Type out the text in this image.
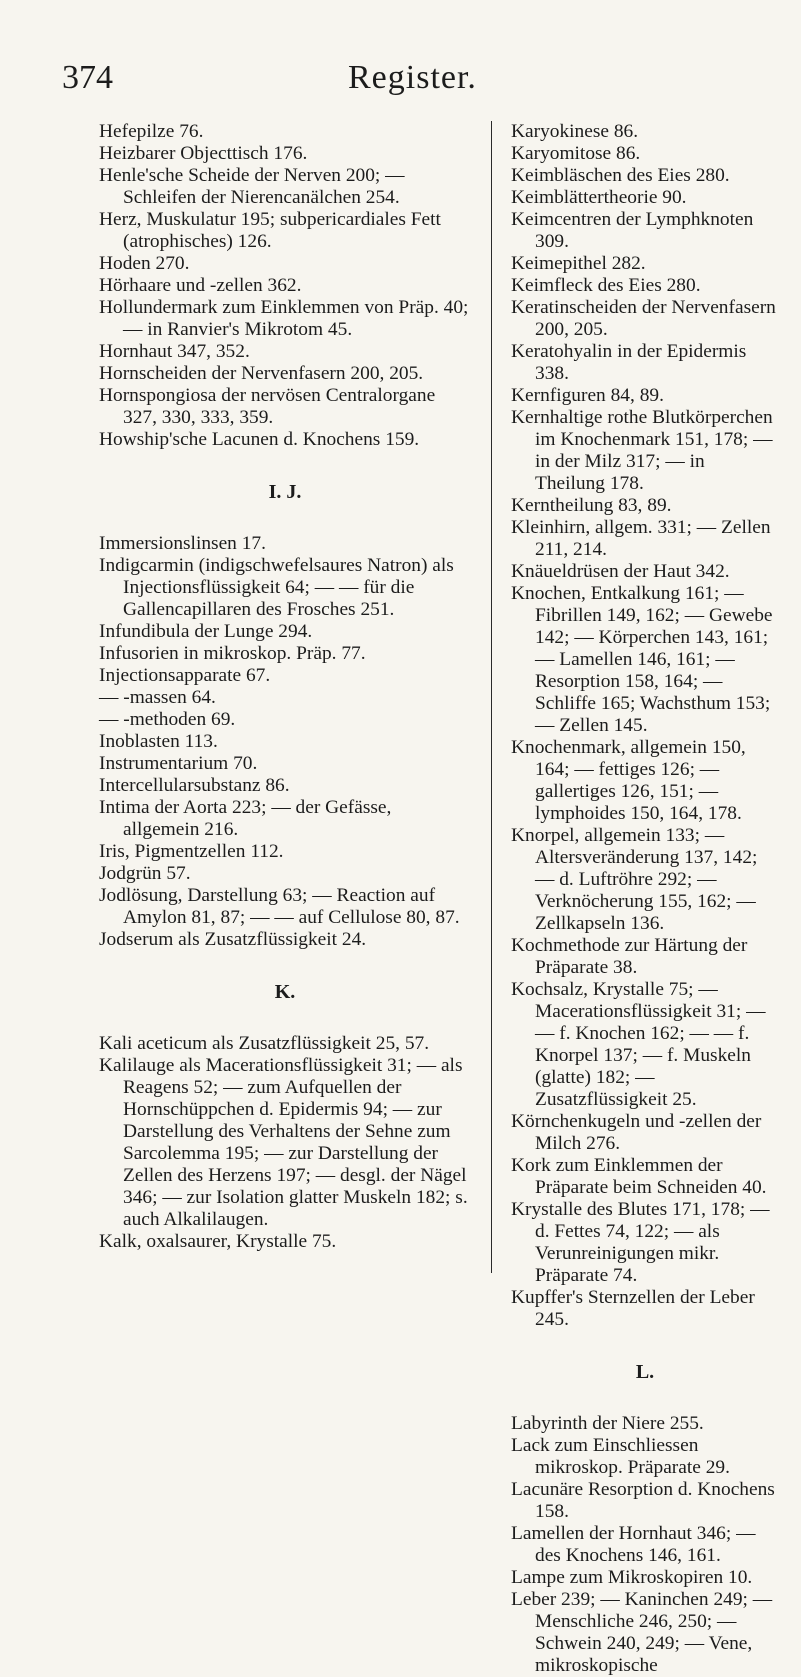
374	Register.

Hefepilze 76.

Heizbarer Objecttisch 176.

Henle'sche Scheide der Nerven 200; — Schleifen der Nierencanälchen 254.

Herz, Muskulatur 195; subpericardiales Fett (atrophisches) 126.

Hoden 270.

Hörhaare und -zellen 362.

Hollundermark zum Einklemmen von Präp. 40; — in Ranvier's Mikrotom 45.

Hornhaut 347, 352.

Hornscheiden der Nervenfasern 200, 205.

Hornspongiosa der nervösen Centralorgane 327, 330, 333, 359.

Howship'sche Lacunen d. Knochens 159.

I. J.

Immersionslinsen 17.

Indigcarmin (indigschwefelsaures Natron) als Injectionsflüssigkeit 64; — — für die Gallencapillaren des Frosches 251.

Infundibula der Lunge 294.

Infusorien in mikroskop. Präp. 77.

Injectionsapparate 67.

— -massen 64.

— -methoden 69.

Inoblasten 113.

Instrumentarium 70.

Intercellularsubstanz 86.

Intima der Aorta 223; — der Gefässe, allgemein 216.

Iris, Pigmentzellen 112.

Jodgrün 57.

Jodlösung, Darstellung 63; — Reaction auf Amylon 81, 87; — — auf Cellulose 80, 87.

Jodserum als Zusatzflüssigkeit 24.

K.

Kali aceticum als Zusatzflüssigkeit 25, 57.

Kalilauge als Macerationsflüssigkeit 31; — als Reagens 52; — zum Aufquellen der Hornschüppchen d. Epidermis 94; — zur Darstellung des Verhaltens der Sehne zum Sarcolemma 195; — zur Darstellung der Zellen des Herzens 197; — desgl. der Nägel 346; — zur Isolation glatter Muskeln 182; s. auch Alkalilaugen.

Kalk, oxalsaurer, Krystalle 75.

Karyokinese 86.

Karyomitose 86.

Keimbläschen des Eies 280.

Keimblättertheorie 90.

Keimcentren der Lymphknoten 309.

Keimepithel 282.

Keimfleck des Eies 280.

Keratinscheiden der Nervenfasern 200, 205.

Keratohyalin in der Epidermis 338.

Kernfiguren 84, 89.

Kernhaltige rothe Blutkörperchen im Knochenmark 151, 178; — in der Milz 317; — in Theilung 178.

Kerntheilung 83, 89.

Kleinhirn, allgem. 331; — Zellen 211, 214.

Knäueldrüsen der Haut 342.

Knochen, Entkalkung 161; — Fibrillen 149, 162; — Gewebe 142; — Körperchen 143, 161; — Lamellen 146, 161; — Resorption 158, 164; — Schliffe 165; Wachsthum 153; — Zellen 145.

Knochenmark, allgemein 150, 164; — fettiges 126; — gallertiges 126, 151; — lymphoides 150, 164, 178.

Knorpel, allgemein 133; — Altersveränderung 137, 142; — d. Luftröhre 292; — Verknöcherung 155, 162; — Zellkapseln 136.

Kochmethode zur Härtung der Präparate 38.

Kochsalz, Krystalle 75; — Macerationsflüssigkeit 31; — — f. Knochen 162; — — f. Knorpel 137; — f. Muskeln (glatte) 182; — Zusatzflüssigkeit 25.

Körnchenkugeln und -zellen der Milch 276.

Kork zum Einklemmen der Präparate beim Schneiden 40.

Krystalle des Blutes 171, 178; — d. Fettes 74, 122; — als Verunreinigungen mikr. Präparate 74.

Kupffer's Sternzellen der Leber 245.

L.

Labyrinth der Niere 255.

Lack zum Einschliessen mikroskop. Präparate 29.

Lacunäre Resorption d. Knochens 158.

Lamellen der Hornhaut 346; — des Knochens 146, 161.

Lampe zum Mikroskopiren 10.

Leber 239; — Kaninchen 249; — Menschliche 246, 250; — Schwein 240, 249; — Vene, mikroskopische
